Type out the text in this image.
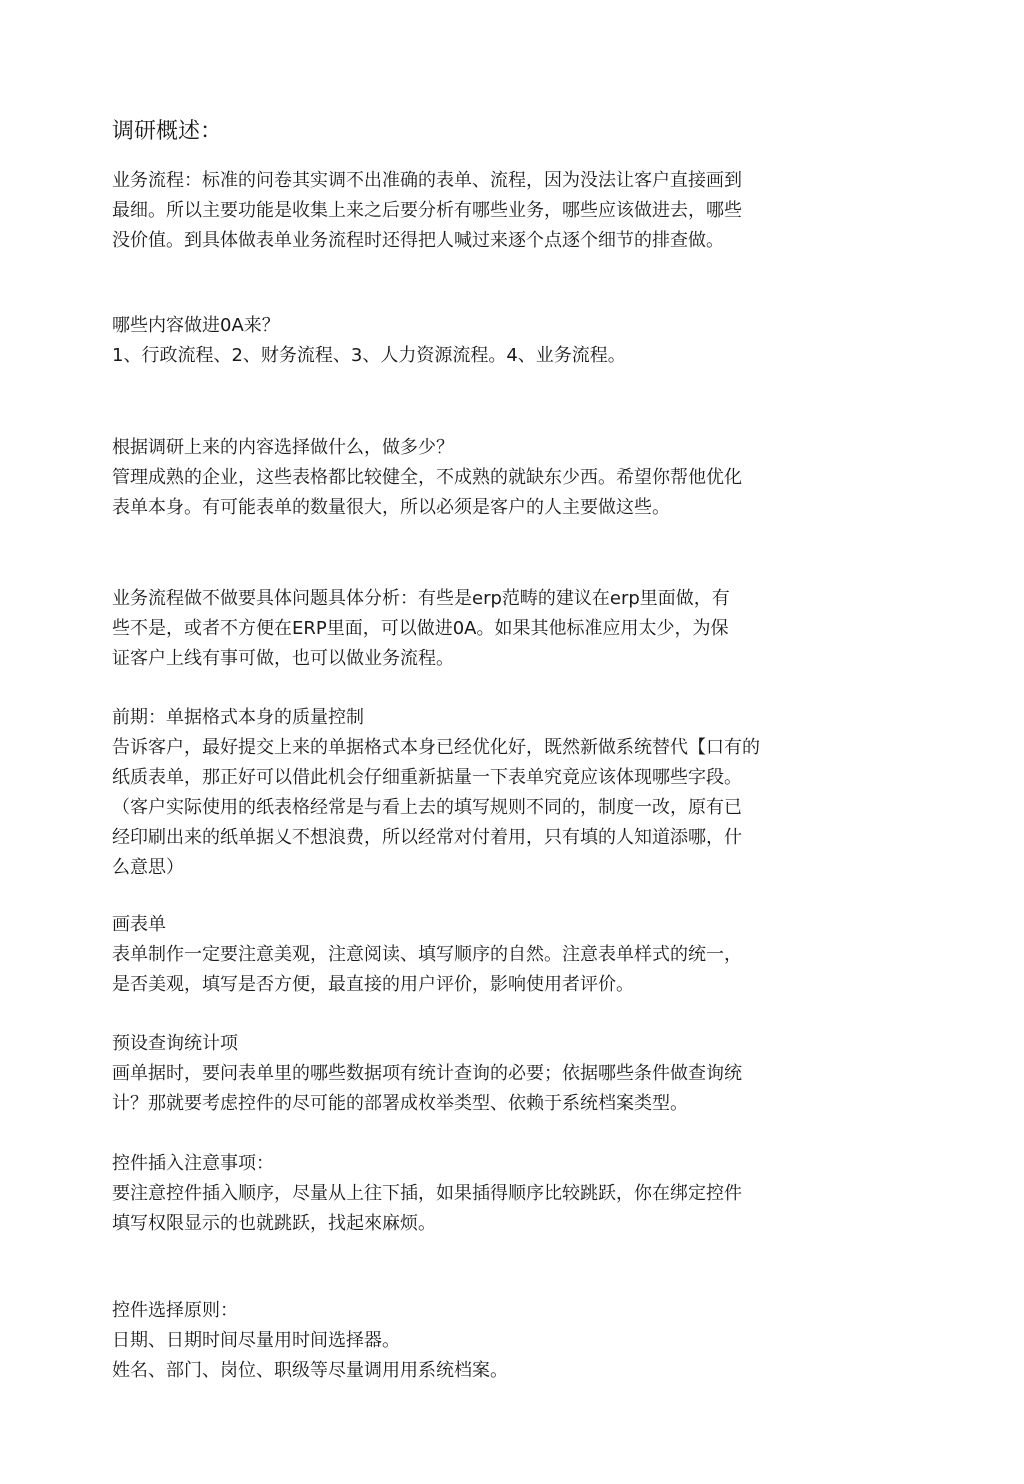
调研概述：
业务流程：标准的问卷其实调不出准确的表单、流程，因为没法让客户直接画到
最细。所以主要功能是收集上来之后要分析有哪些业务，哪些应该做进去，哪些
没价值。到具体做表单业务流程时还得把人喊过来逐个点逐个细节的排查做。
哪些内容做进0A来？
1、行政流程、2、财务流程、3、人力资源流程。4、业务流程。
根据调研上来的内容选择做什么，做多少？
管理成熟的企业，这些表格都比较健全，不成熟的就缺东少西。希望你帮他优化
表单本身。有可能表单的数量很大，所以必须是客户的人主要做这些。
业务流程做不做要具体问题具体分析：有些是erp范畴的建议在erp里面做，有
些不是，或者不方便在ERP里面，可以做进0A。如果其他标准应用太少，为保
证客户上线有事可做，也可以做业务流程。
前期：单据格式本身的质量控制
告诉客户，最好提交上来的单据格式本身已经优化好，既然新做系统替代【口有的
纸质表单，那正好可以借此机会仔细重新掂量一下表单究竟应该体现哪些字段。
（客户实际使用的纸表格经常是与看上去的填写规则不同的，制度一改，原有已
经印刷出来的纸单据乂不想浪费，所以经常对付着用，只有填的人知道添哪，什
么意思）
画表单
表单制作一定要注意美观，注意阅读、填写顺序的自然。注意表单样式的统一，
是否美观，填写是否方便，最直接的用户评价，影响使用者评价。
预设查询统计项
画单据时，要问表单里的哪些数据项有统计查询的必要；依据哪些条件做查询统
计？那就要考虑控件的尽可能的部署成枚举类型、依赖于系统档案类型。
控件插入注意事项：
要注意控件插入顺序，尽量从上往下插，如果插得顺序比较跳跃，你在绑定控件
填写权限显示的也就跳跃，找起來麻烦。
控件选择原则：
日期、日期时间尽量用时间选择器。
姓名、部门、岗位、职级等尽量调用用系统档案。
